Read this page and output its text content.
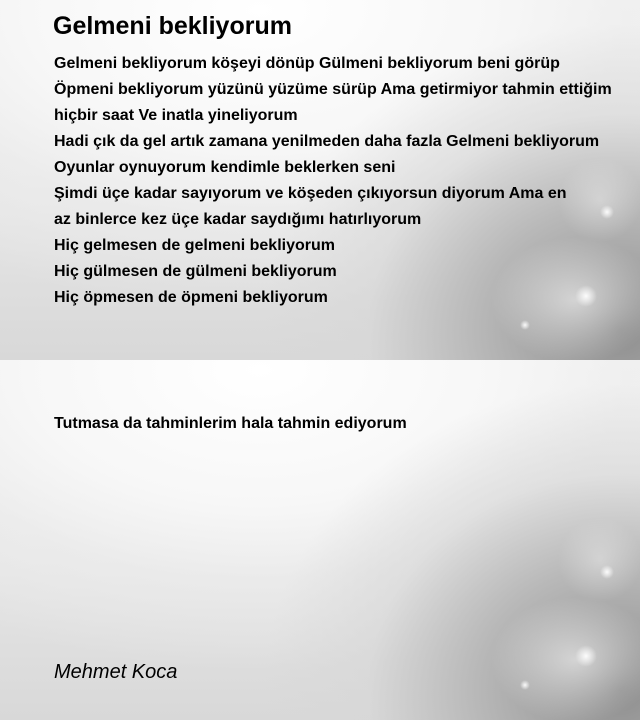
Gelmeni bekliyorum

Gelmeni bekliyorum köşeyi dönüp Gülmeni bekliyorum beni görüp

Öpmeni bekliyorum yüzünü yüzüme sürüp Ama getirmiyor tahmin ettiğim

hiçbir saat Ve inatla yineliyorum

Hadi çık da gel artık zamana yenilmeden daha fazla Gelmeni bekliyorum

Oyunlar oynuyorum kendimle beklerken seni

Şimdi üçe kadar sayıyorum ve köşeden çıkıyorsun diyorum Ama en

az binlerce kez üçe kadar saydığımı hatırlıyorum

Hiç gelmesen de gelmeni bekliyorum

Hiç gülmesen de gülmeni bekliyorum

Hiç öpmesen de öpmeni bekliyorum

Tutmasa da tahminlerim hala tahmin ediyorum

Mehmet Koca
